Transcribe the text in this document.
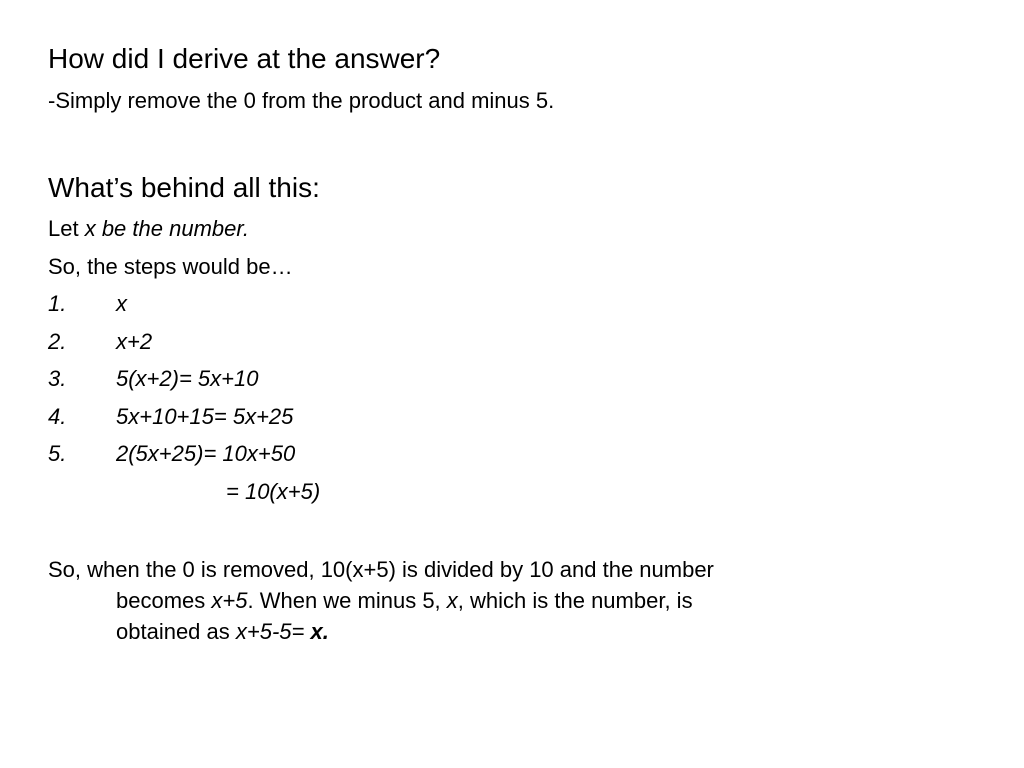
How did I derive at the answer?
-Simply remove the 0 from the product and minus 5.
What’s behind all this:
Let x be the number.
So, the steps would be…
1. x
2. x+2
3. 5(x+2)= 5x+10
4. 5x+10+15= 5x+25
5. 2(5x+25)= 10x+50
= 10(x+5)
So, when the 0 is removed, 10(x+5) is divided by 10 and the number
becomes x+5. When we minus 5, x, which is the number, is
obtained as x+5-5= x.
